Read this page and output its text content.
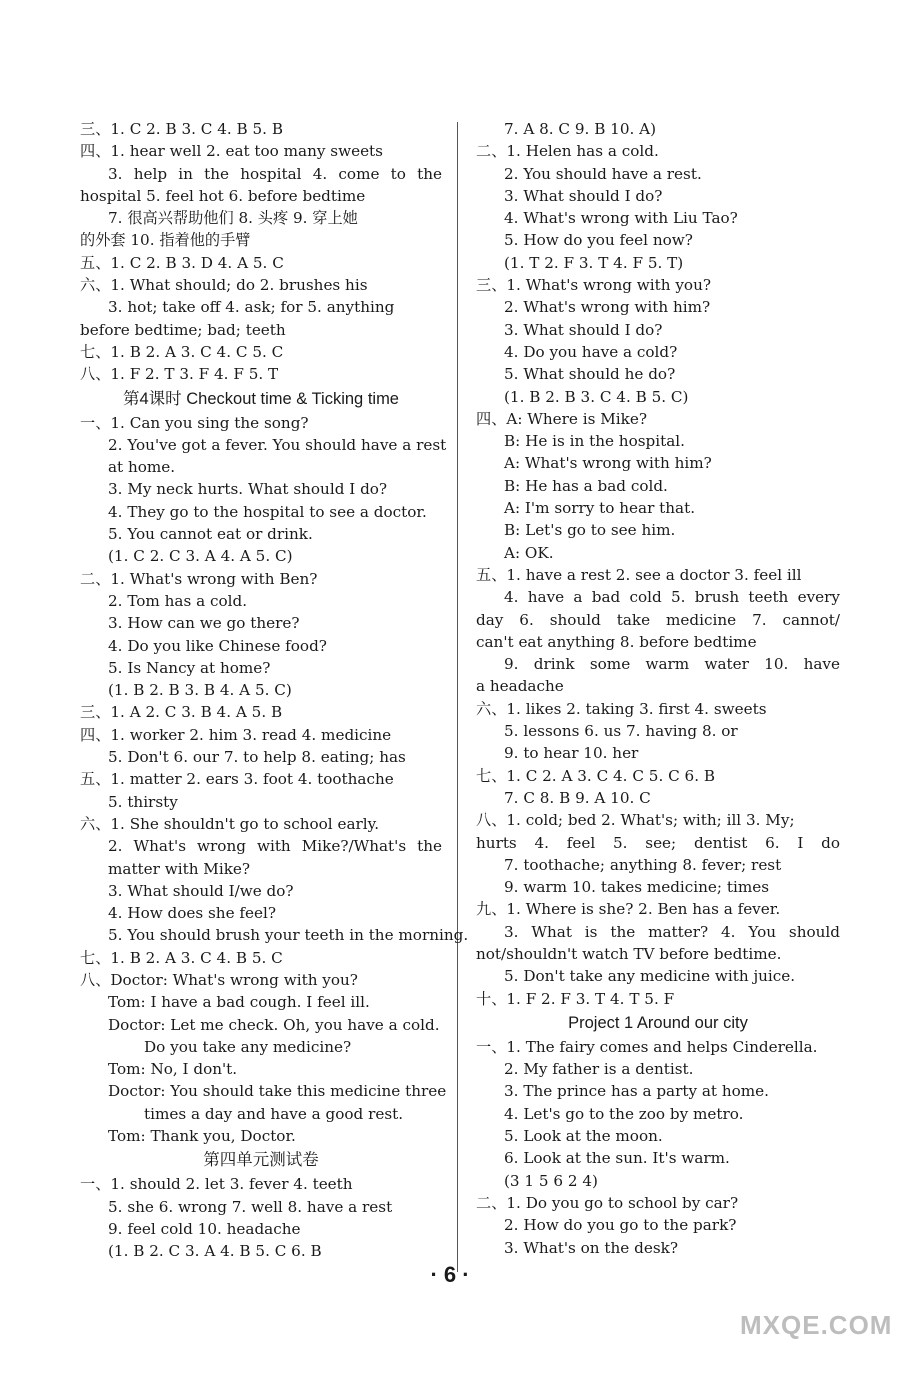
三、1. C 2. B 3. C 4. B 5. B
四、1. hear well 2. eat too many sweets
3. help in the hospital 4. come to the
hospital 5. feel hot 6. before bedtime
7. 很高兴帮助他们 8. 头疼 9. 穿上她
的外套 10. 指着他的手臂
五、1. C 2. B 3. D 4. A 5. C
六、1. What should; do 2. brushes his
3. hot; take off 4. ask; for 5. anything
before bedtime; bad; teeth
七、1. B 2. A 3. C 4. C 5. C
八、1. F 2. T 3. F 4. F 5. T
第4课时 Checkout time & Ticking time
一、1. Can you sing the song?
2. You've got a fever. You should have a rest
at home.
3. My neck hurts. What should I do?
4. They go to the hospital to see a doctor.
5. You cannot eat or drink.
(1. C 2. C 3. A 4. A 5. C)
二、1. What's wrong with Ben?
2. Tom has a cold.
3. How can we go there?
4. Do you like Chinese food?
5. Is Nancy at home?
(1. B 2. B 3. B 4. A 5. C)
三、1. A 2. C 3. B 4. A 5. B
四、1. worker 2. him 3. read 4. medicine
5. Don't 6. our 7. to help 8. eating; has
五、1. matter 2. ears 3. foot 4. toothache
5. thirsty
六、1. She shouldn't go to school early.
2. What's wrong with Mike?/What's the
matter with Mike?
3. What should I/we do?
4. How does she feel?
5. You should brush your teeth in the morning.
七、1. B 2. A 3. C 4. B 5. C
八、Doctor: What's wrong with you?
Tom: I have a bad cough. I feel ill.
Doctor: Let me check. Oh, you have a cold.
Do you take any medicine?
Tom: No, I don't.
Doctor: You should take this medicine three
times a day and have a good rest.
Tom: Thank you, Doctor.
第四单元测试卷
一、1. should 2. let 3. fever 4. teeth
5. she 6. wrong 7. well 8. have a rest
9. feel cold 10. headache
(1. B 2. C 3. A 4. B 5. C 6. B
7. A 8. C 9. B 10. A)
二、1. Helen has a cold.
2. You should have a rest.
3. What should I do?
4. What's wrong with Liu Tao?
5. How do you feel now?
(1. T 2. F 3. T 4. F 5. T)
三、1. What's wrong with you?
2. What's wrong with him?
3. What should I do?
4. Do you have a cold?
5. What should he do?
(1. B 2. B 3. C 4. B 5. C)
四、A: Where is Mike?
B: He is in the hospital.
A: What's wrong with him?
B: He has a bad cold.
A: I'm sorry to hear that.
B: Let's go to see him.
A: OK.
五、1. have a rest 2. see a doctor 3. feel ill
4. have a bad cold 5. brush teeth every
day 6. should take medicine 7. cannot/
can't eat anything 8. before bedtime
9. drink some warm water 10. have
a headache
六、1. likes 2. taking 3. first 4. sweets
5. lessons 6. us 7. having 8. or
9. to hear 10. her
七、1. C 2. A 3. C 4. C 5. C 6. B
7. C 8. B 9. A 10. C
八、1. cold; bed 2. What's; with; ill 3. My;
hurts 4. feel 5. see; dentist 6. I do
7. toothache; anything 8. fever; rest
9. warm 10. takes medicine; times
九、1. Where is she? 2. Ben has a fever.
3. What is the matter? 4. You should
not/shouldn't watch TV before bedtime.
5. Don't take any medicine with juice.
十、1. F 2. F 3. T 4. T 5. F
Project 1 Around our city
一、1. The fairy comes and helps Cinderella.
2. My father is a dentist.
3. The prince has a party at home.
4. Let's go to the zoo by metro.
5. Look at the moon.
6. Look at the sun. It's warm.
(3 1 5 6 2 4)
二、1. Do you go to school by car?
2. How do you go to the park?
3. What's on the desk?
· 6 ·
MXQE.COM
